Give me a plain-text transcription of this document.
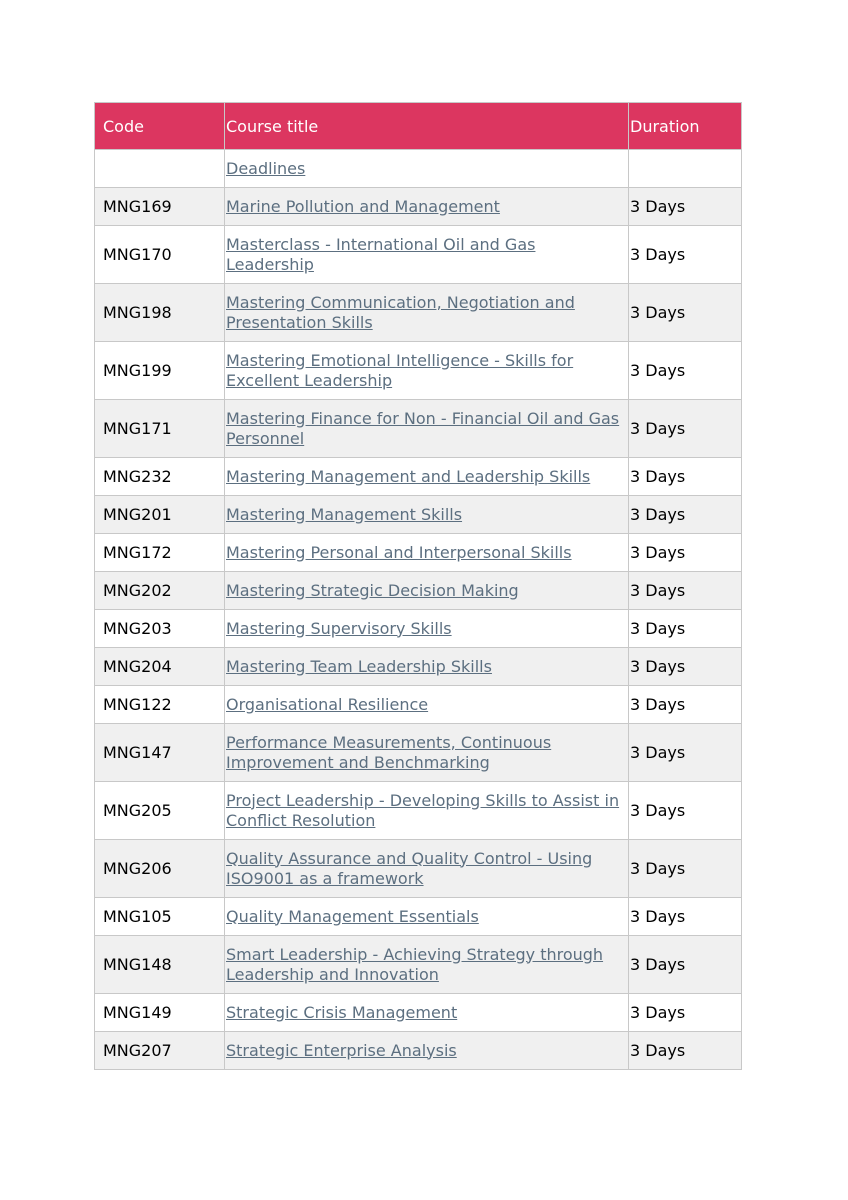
Code	Course title	Duration
	Deadlines	
MNG169	Marine Pollution and Management	3 Days
MNG170	Masterclass - International Oil and Gas Leadership	3 Days
MNG198	Mastering Communication, Negotiation and Presentation Skills	3 Days
MNG199	Mastering Emotional Intelligence - Skills for Excellent Leadership	3 Days
MNG171	Mastering Finance for Non - Financial Oil and Gas Personnel	3 Days
MNG232	Mastering Management and Leadership Skills	3 Days
MNG201	Mastering Management Skills	3 Days
MNG172	Mastering Personal and Interpersonal Skills	3 Days
MNG202	Mastering Strategic Decision Making	3 Days
MNG203	Mastering Supervisory Skills	3 Days
MNG204	Mastering Team Leadership Skills	3 Days
MNG122	Organisational Resilience	3 Days
MNG147	Performance Measurements, Continuous Improvement and Benchmarking	3 Days
MNG205	Project Leadership - Developing Skills to Assist in Conflict Resolution	3 Days
MNG206	Quality Assurance and Quality Control - Using ISO9001 as a framework	3 Days
MNG105	Quality Management Essentials	3 Days
MNG148	Smart Leadership - Achieving Strategy through Leadership and Innovation	3 Days
MNG149	Strategic Crisis Management	3 Days
MNG207	Strategic Enterprise Analysis	3 Days
